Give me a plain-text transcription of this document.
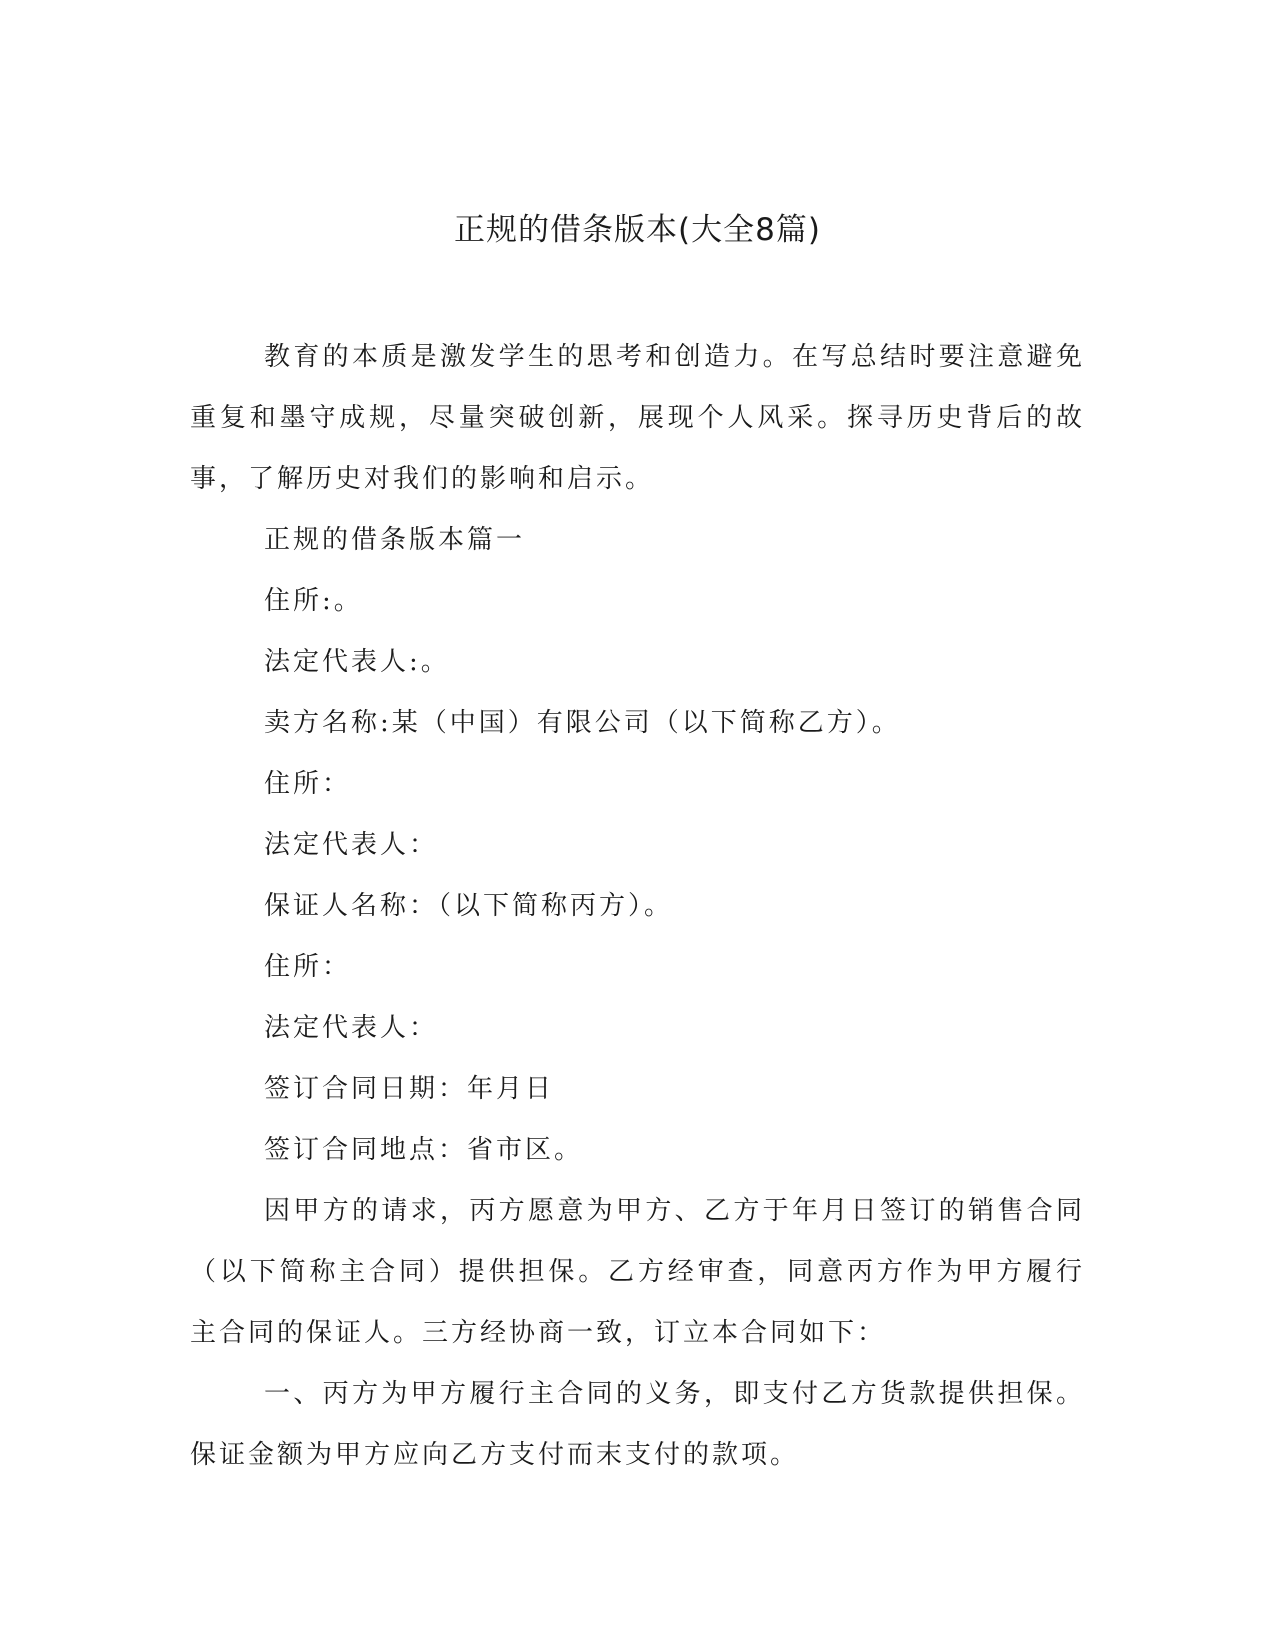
正规的借条版本(大全8篇)

教育的本质是激发学生的思考和创造力。在写总结时要注意避免重复和墨守成规，尽量突破创新，展现个人风采。探寻历史背后的故事，了解历史对我们的影响和启示。

正规的借条版本篇一

住所:。

法定代表人:。

卖方名称:某（中国）有限公司（以下简称乙方）。

住所：

法定代表人：

保证人名称：（以下简称丙方）。

住所：

法定代表人：

签订合同日期：年月日

签订合同地点：省市区。

因甲方的请求，丙方愿意为甲方、乙方于年月日签订的销售合同（以下简称主合同）提供担保。乙方经审查，同意丙方作为甲方履行主合同的保证人。三方经协商一致，订立本合同如下：

一、丙方为甲方履行主合同的义务，即支付乙方货款提供担保。保证金额为甲方应向乙方支付而末支付的款项。
